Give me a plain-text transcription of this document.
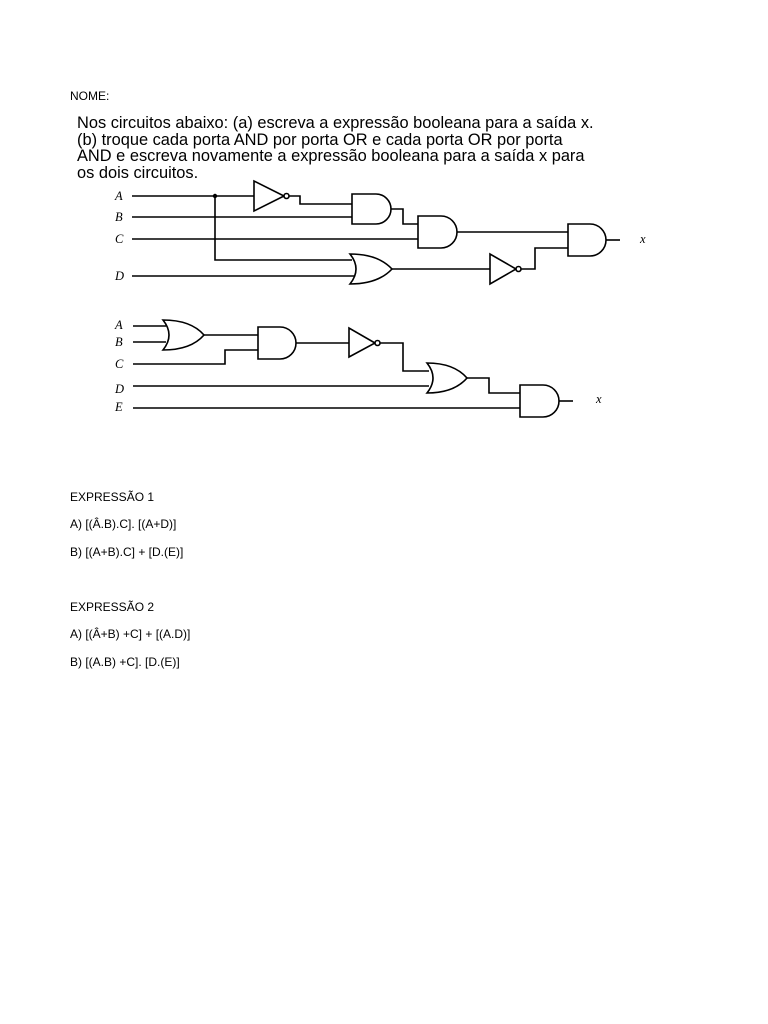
NOME:
Nos circuitos abaixo: (a) escreva a expressão booleana para a saída x.
(b) troque cada porta AND por porta OR e cada porta OR por porta
AND e escreva novamente a expressão booleana para a saída x para
os dois circuitos.
A
B
C
D
x
A
B
C
D
E
x
EXPRESSÃO 1
A) [(Â.B).C]. [(A+D)]
B) [(A+B).C] + [D.(E)]
EXPRESSÃO 2
A) [(Â+B) +C] + [(A.D)]
B) [(A.B) +C]. [D.(E)]
